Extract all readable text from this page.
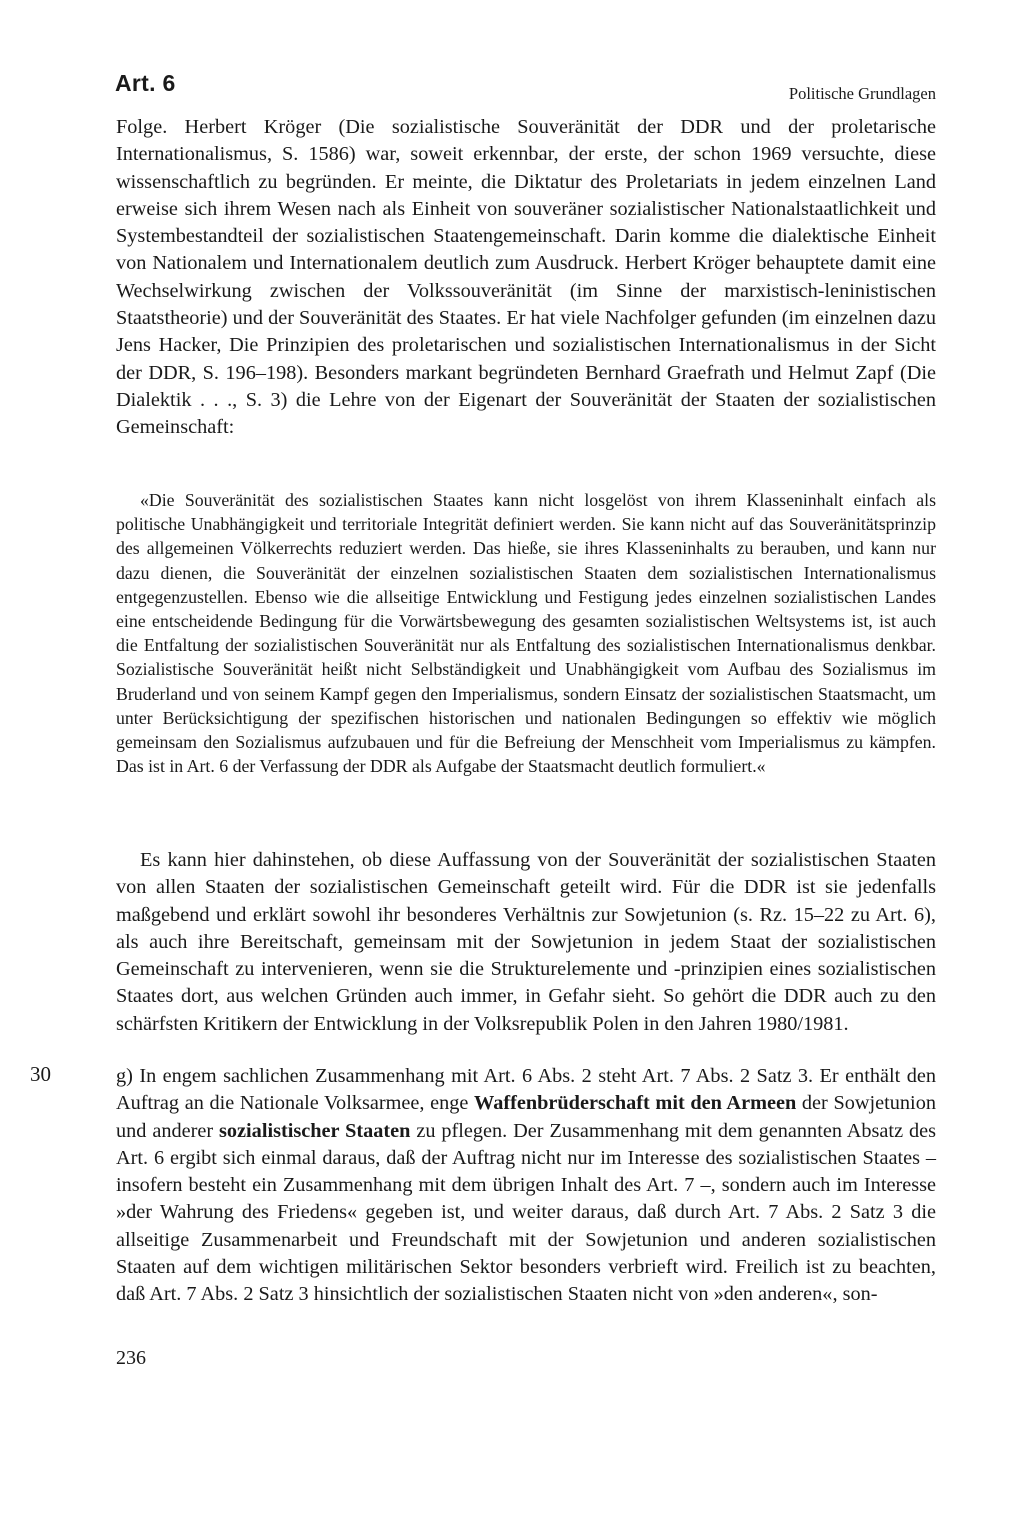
Art. 6	Politische Grundlagen
Folge. Herbert Kröger (Die sozialistische Souveränität der DDR und der proletarische Internationalismus, S. 1586) war, soweit erkennbar, der erste, der schon 1969 versuchte, diese wissenschaftlich zu begründen. Er meinte, die Diktatur des Proletariats in jedem einzelnen Land erweise sich ihrem Wesen nach als Einheit von souveräner sozialistischer Nationalstaatlichkeit und Systembestandteil der sozialistischen Staatengemeinschaft. Darin komme die dialektische Einheit von Nationalem und Internationalem deutlich zum Ausdruck. Herbert Kröger behauptete damit eine Wechselwirkung zwischen der Volkssouveränität (im Sinne der marxistisch-leninistischen Staatstheorie) und der Souveränität des Staates. Er hat viele Nachfolger gefunden (im einzelnen dazu Jens Hacker, Die Prinzipien des proletarischen und sozialistischen Internationalismus in der Sicht der DDR, S. 196–198). Besonders markant begründeten Bernhard Graefrath und Helmut Zapf (Die Dialektik . . ., S. 3) die Lehre von der Eigenart der Souveränität der Staaten der sozialistischen Gemeinschaft:
«Die Souveränität des sozialistischen Staates kann nicht losgelöst von ihrem Klasseninhalt einfach als politische Unabhängigkeit und territoriale Integrität definiert werden. Sie kann nicht auf das Souveränitätsprinzip des allgemeinen Völkerrechts reduziert werden. Das hieße, sie ihres Klasseninhalts zu berauben, und kann nur dazu dienen, die Souveränität der einzelnen sozialistischen Staaten dem sozialistischen Internationalismus entgegenzustellen. Ebenso wie die allseitige Entwicklung und Festigung jedes einzelnen sozialistischen Landes eine entscheidende Bedingung für die Vorwärtsbewegung des gesamten sozialistischen Weltsystems ist, ist auch die Entfaltung der sozialistischen Souveränität nur als Entfaltung des sozialistischen Internationalismus denkbar. Sozialistische Souveränität heißt nicht Selbständigkeit und Unabhängigkeit vom Aufbau des Sozialismus im Bruderland und von seinem Kampf gegen den Imperialismus, sondern Einsatz der sozialistischen Staatsmacht, um unter Berücksichtigung der spezifischen historischen und nationalen Bedingungen so effektiv wie möglich gemeinsam den Sozialismus aufzubauen und für die Befreiung der Menschheit vom Imperialismus zu kämpfen. Das ist in Art. 6 der Verfassung der DDR als Aufgabe der Staatsmacht deutlich formuliert.«
Es kann hier dahinstehen, ob diese Auffassung von der Souveränität der sozialistischen Staaten von allen Staaten der sozialistischen Gemeinschaft geteilt wird. Für die DDR ist sie jedenfalls maßgebend und erklärt sowohl ihr besonderes Verhältnis zur Sowjetunion (s. Rz. 15–22 zu Art. 6), als auch ihre Bereitschaft, gemeinsam mit der Sowjetunion in jedem Staat der sozialistischen Gemeinschaft zu intervenieren, wenn sie die Strukturelemente und -prinzipien eines sozialistischen Staates dort, aus welchen Gründen auch immer, in Gefahr sieht. So gehört die DDR auch zu den schärfsten Kritikern der Entwicklung in der Volksrepublik Polen in den Jahren 1980/1981.
30	g) In engem sachlichen Zusammenhang mit Art. 6 Abs. 2 steht Art. 7 Abs. 2 Satz 3. Er enthält den Auftrag an die Nationale Volksarmee, enge Waffenbrüderschaft mit den Armeen der Sowjetunion und anderer sozialistischer Staaten zu pflegen. Der Zusammenhang mit dem genannten Absatz des Art. 6 ergibt sich einmal daraus, daß der Auftrag nicht nur im Interesse des sozialistischen Staates – insofern besteht ein Zusammenhang mit dem übrigen Inhalt des Art. 7 –, sondern auch im Interesse »der Wahrung des Friedens« gegeben ist, und weiter daraus, daß durch Art. 7 Abs. 2 Satz 3 die allseitige Zusammenarbeit und Freundschaft mit der Sowjetunion und anderen sozialistischen Staaten auf dem wichtigen militärischen Sektor besonders verbrieft wird. Freilich ist zu beachten, daß Art. 7 Abs. 2 Satz 3 hinsichtlich der sozialistischen Staaten nicht von »den anderen«, son-
236
